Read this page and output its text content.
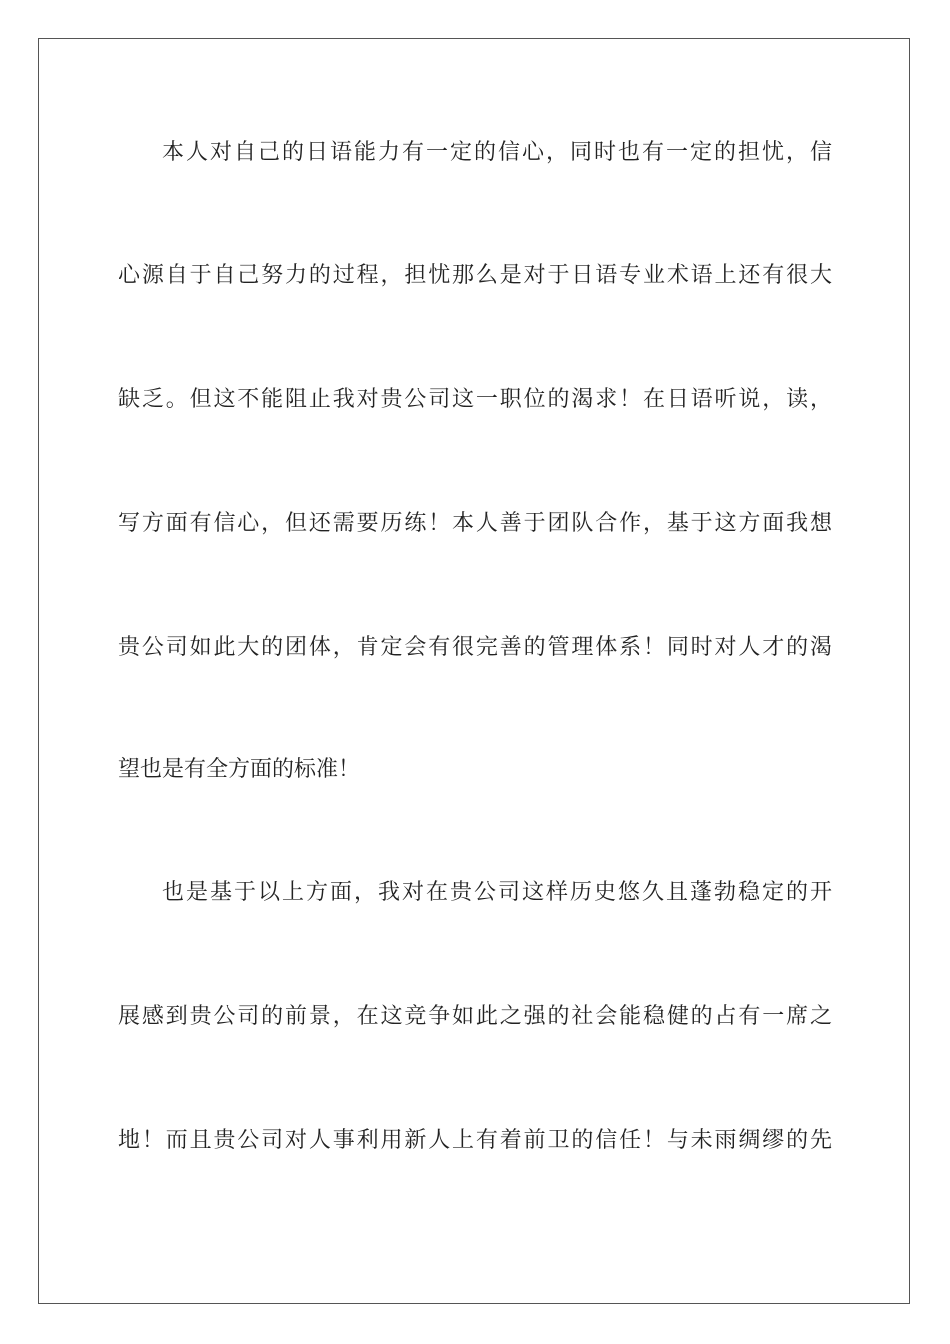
本人对自己的日语能力有一定的信心，同时也有一定的担忧，信

心源自于自己努力的过程，担忧那么是对于日语专业术语上还有很大

缺乏。但这不能阻止我对贵公司这一职位的渴求！在日语听说，读，

写方面有信心，但还需要历练！本人善于团队合作，基于这方面我想

贵公司如此大的团体，肯定会有很完善的管理体系！同时对人才的渴

望也是有全方面的标准！

也是基于以上方面，我对在贵公司这样历史悠久且蓬勃稳定的开

展感到贵公司的前景，在这竞争如此之强的社会能稳健的占有一席之

地！而且贵公司对人事利用新人上有着前卫的信任！与未雨绸缪的先
